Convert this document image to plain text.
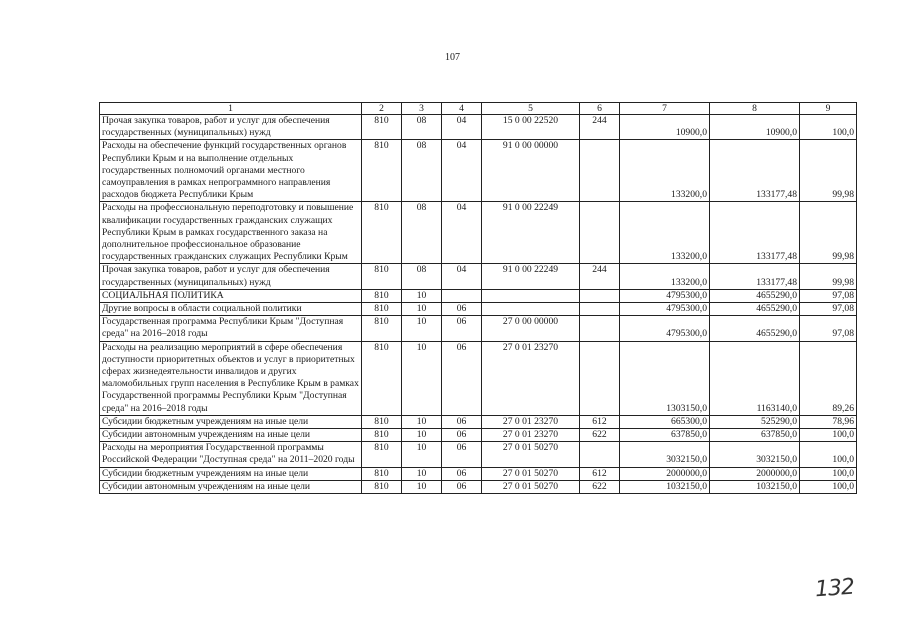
107
1	2	3	4	5	6	7	8	9
Прочая закупка товаров, работ и услуг для обеспечения государственных (муниципальных) нужд	810	08	04	15 0 00 22520	244	10900,0	10900,0	100,0
Расходы на обеспечение функций государственных органов Республики Крым и на выполнение отдельных государственных полномочий органами местного самоуправления в рамках непрограммного направления расходов бюджета Республики Крым	810	08	04	91 0 00 00000		133200,0	133177,48	99,98
Расходы на профессиональную переподготовку и повышение квалификации государственных гражданских служащих Республики Крым в рамках государственного заказа на дополнительное профессиональное образование государственных гражданских служащих Республики Крым	810	08	04	91 0 00 22249		133200,0	133177,48	99,98
Прочая закупка товаров, работ и услуг для обеспечения государственных (муниципальных) нужд	810	08	04	91 0 00 22249	244	133200,0	133177,48	99,98
СОЦИАЛЬНАЯ ПОЛИТИКА	810	10				4795300,0	4655290,0	97,08
Другие вопросы в области социальной политики	810	10	06			4795300,0	4655290,0	97,08
Государственная программа Республики Крым "Доступная среда" на 2016–2018 годы	810	10	06	27 0 00 00000		4795300,0	4655290,0	97,08
Расходы на реализацию мероприятий в сфере обеспечения доступности приоритетных объектов и услуг в приоритетных сферах жизнедеятельности инвалидов и других маломобильных групп населения в Республике Крым в рамках Государственной программы Республики Крым "Доступная среда" на 2016–2018 годы	810	10	06	27 0 01 23270		1303150,0	1163140,0	89,26
Субсидии бюджетным учреждениям на иные цели	810	10	06	27 0 01 23270	612	665300,0	525290,0	78,96
Субсидии автономным учреждениям на иные цели	810	10	06	27 0 01 23270	622	637850,0	637850,0	100,0
Расходы на мероприятия Государственной программы Российской Федерации "Доступная среда" на 2011–2020 годы	810	10	06	27 0 01 50270		3032150,0	3032150,0	100,0
Субсидии бюджетным учреждениям на иные цели	810	10	06	27 0 01 50270	612	2000000,0	2000000,0	100,0
Субсидии автономным учреждениям на иные цели	810	10	06	27 0 01 50270	622	1032150,0	1032150,0	100,0
132
